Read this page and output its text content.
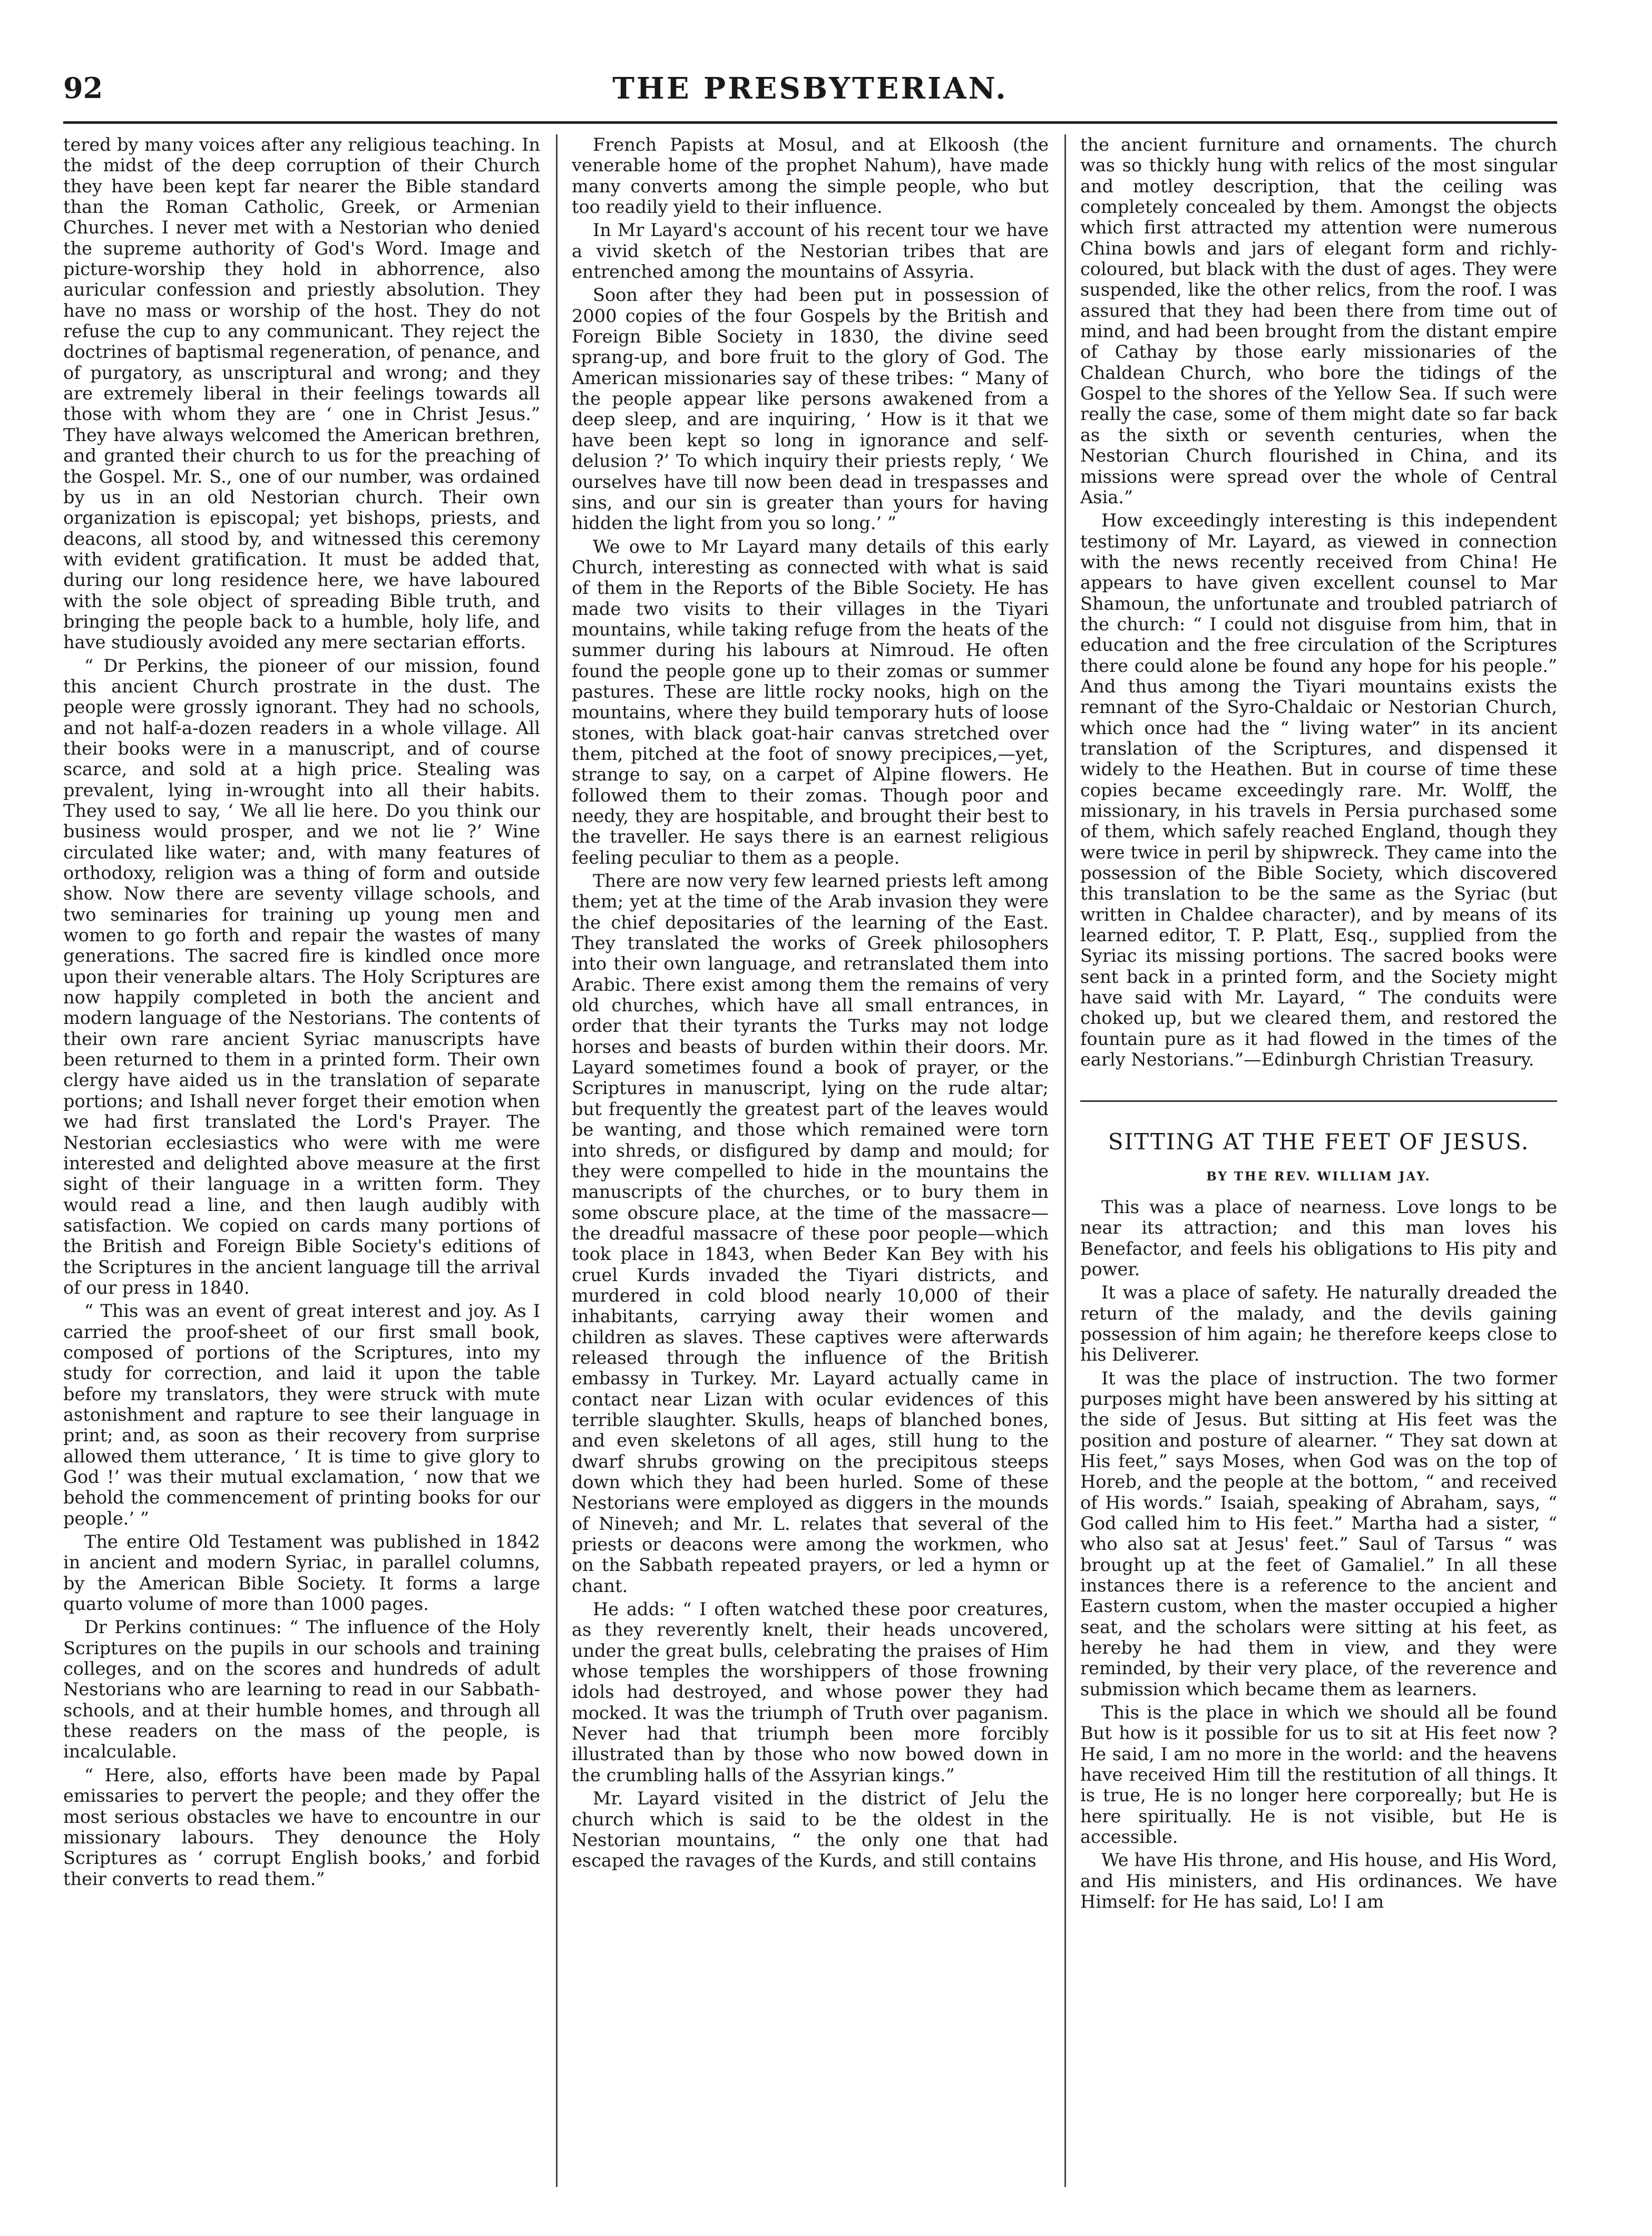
92	THE PRESBYTERIAN.

tered by many voices after any religious teaching. In the midst of the deep corruption of their Church they have been kept far nearer the Bible standard than the Roman Catholic, Greek, or Armenian Churches. I never met with a Nestorian who denied the supreme authority of God's Word. Image and picture-worship they hold in abhorrence, also auricular confession and priestly absolution. They have no mass or worship of the host. They do not refuse the cup to any communicant. They reject the doctrines of baptismal regeneration, of penance, and of purgatory, as unscriptural and wrong; and they are extremely liberal in their feelings towards all those with whom they are ‘ one in Christ Jesus.” They have always welcomed the American brethren, and granted their church to us for the preaching of the Gospel. Mr. S., one of our number, was ordained by us in an old Nestorian church. Their own organization is episcopal; yet bishops, priests, and deacons, all stood by, and witnessed this ceremony with evident gratification. It must be added that, during our long residence here, we have laboured with the sole object of spreading Bible truth, and bringing the people back to a humble, holy life, and have studiously avoided any mere sectarian efforts.

“ Dr Perkins, the pioneer of our mission, found this ancient Church prostrate in the dust. The people were grossly ignorant. They had no schools, and not half-a-dozen readers in a whole village. All their books were in a manuscript, and of course scarce, and sold at a high price. Stealing was prevalent, lying in-wrought into all their habits. They used to say, ‘ We all lie here. Do you think our business would prosper, and we not lie ?’ Wine circulated like water; and, with many features of orthodoxy, religion was a thing of form and outside show. Now there are seventy village schools, and two seminaries for training up young men and women to go forth and repair the wastes of many generations. The sacred fire is kindled once more upon their venerable altars. The Holy Scriptures are now happily completed in both the ancient and modern language of the Nestorians. The contents of their own rare ancient Syriac manuscripts have been returned to them in a printed form. Their own clergy have aided us in the translation of separate portions; and Ishall never forget their emotion when we had first translated the Lord's Prayer. The Nestorian ecclesiastics who were with me were interested and delighted above measure at the first sight of their language in a written form. They would read a line, and then laugh audibly with satisfaction. We copied on cards many portions of the British and Foreign Bible Society's editions of the Scriptures in the ancient language till the arrival of our press in 1840.

“ This was an event of great interest and joy. As I carried the proof-sheet of our first small book, composed of portions of the Scriptures, into my study for correction, and laid it upon the table before my translators, they were struck with mute astonishment and rapture to see their language in print; and, as soon as their recovery from surprise allowed them utterance, ‘ It is time to give glory to God !’ was their mutual exclamation, ‘ now that we behold the commencement of printing books for our people.’ ”

The entire Old Testament was published in 1842 in ancient and modern Syriac, in parallel columns, by the American Bible Society. It forms a large quarto volume of more than 1000 pages.

Dr Perkins continues: “ The influence of the Holy Scriptures on the pupils in our schools and training colleges, and on the scores and hundreds of adult Nestorians who are learning to read in our Sabbath-schools, and at their humble homes, and through all these readers on the mass of the people, is incalculable.

“ Here, also, efforts have been made by Papal emissaries to pervert the people; and they offer the most serious obstacles we have to encountre in our missionary labours. They denounce the Holy Scriptures as ‘ corrupt English books,’ and forbid their converts to read them.”

French Papists at Mosul, and at Elkoosh (the venerable home of the prophet Nahum), have made many converts among the simple people, who but too readily yield to their influence.

In Mr Layard's account of his recent tour we have a vivid sketch of the Nestorian tribes that are entrenched among the mountains of Assyria.

Soon after they had been put in possession of 2000 copies of the four Gospels by the British and Foreign Bible Society in 1830, the divine seed sprang-up, and bore fruit to the glory of God. The American missionaries say of these tribes: “ Many of the people appear like persons awakened from a deep sleep, and are inquiring, ‘ How is it that we have been kept so long in ignorance and self-delusion ?’ To which inquiry their priests reply, ‘ We ourselves have till now been dead in trespasses and sins, and our sin is greater than yours for having hidden the light from you so long.’ ”

We owe to Mr Layard many details of this early Church, interesting as connected with what is said of them in the Reports of the Bible Society. He has made two visits to their villages in the Tiyari mountains, while taking refuge from the heats of the summer during his labours at Nimroud. He often found the people gone up to their zomas or summer pastures. These are little rocky nooks, high on the mountains, where they build temporary huts of loose stones, with black goat-hair canvas stretched over them, pitched at the foot of snowy precipices,—yet, strange to say, on a carpet of Alpine flowers. He followed them to their zomas. Though poor and needy, they are hospitable, and brought their best to the traveller. He says there is an earnest religious feeling peculiar to them as a people.

There are now very few learned priests left among them; yet at the time of the Arab invasion they were the chief depositaries of the learning of the East. They translated the works of Greek philosophers into their own language, and retranslated them into Arabic. There exist among them the remains of very old churches, which have all small entrances, in order that their tyrants the Turks may not lodge horses and beasts of burden within their doors. Mr. Layard sometimes found a book of prayer, or the Scriptures in manuscript, lying on the rude altar; but frequently the greatest part of the leaves would be wanting, and those which remained were torn into shreds, or disfigured by damp and mould; for they were compelled to hide in the mountains the manuscripts of the churches, or to bury them in some obscure place, at the time of the massacre—the dreadful massacre of these poor people—which took place in 1843, when Beder Kan Bey with his cruel Kurds invaded the Tiyari districts, and murdered in cold blood nearly 10,000 of their inhabitants, carrying away their women and children as slaves. These captives were afterwards released through the influence of the British embassy in Turkey. Mr. Layard actually came in contact near Lizan with ocular evidences of this terrible slaughter. Skulls, heaps of blanched bones, and even skeletons of all ages, still hung to the dwarf shrubs growing on the precipitous steeps down which they had been hurled. Some of these Nestorians were employed as diggers in the mounds of Nineveh; and Mr. L. relates that several of the priests or deacons were among the workmen, who on the Sabbath repeated prayers, or led a hymn or chant.

He adds: “ I often watched these poor creatures, as they reverently knelt, their heads uncovered, under the great bulls, celebrating the praises of Him whose temples the worshippers of those frowning idols had destroyed, and whose power they had mocked. It was the triumph of Truth over paganism. Never had that triumph been more forcibly illustrated than by those who now bowed down in the crumbling halls of the Assyrian kings.”

Mr. Layard visited in the district of Jelu the church which is said to be the oldest in the Nestorian mountains, “ the only one that had escaped the ravages of the Kurds, and still contains

the ancient furniture and ornaments. The church was so thickly hung with relics of the most singular and motley description, that the ceiling was completely concealed by them. Amongst the objects which first attracted my attention were numerous China bowls and jars of elegant form and richly-coloured, but black with the dust of ages. They were suspended, like the other relics, from the roof. I was assured that they had been there from time out of mind, and had been brought from the distant empire of Cathay by those early missionaries of the Chaldean Church, who bore the tidings of the Gospel to the shores of the Yellow Sea. If such were really the case, some of them might date so far back as the sixth or seventh centuries, when the Nestorian Church flourished in China, and its missions were spread over the whole of Central Asia.”

How exceedingly interesting is this independent testimony of Mr. Layard, as viewed in connection with the news recently received from China! He appears to have given excellent counsel to Mar Shamoun, the unfortunate and troubled patriarch of the church: “ I could not disguise from him, that in education and the free circulation of the Scriptures there could alone be found any hope for his people.” And thus among the Tiyari mountains exists the remnant of the Syro-Chaldaic or Nestorian Church, which once had the “ living water” in its ancient translation of the Scriptures, and dispensed it widely to the Heathen. But in course of time these copies became exceedingly rare. Mr. Wolff, the missionary, in his travels in Persia purchased some of them, which safely reached England, though they were twice in peril by shipwreck. They came into the possession of the Bible Society, which discovered this translation to be the same as the Syriac (but written in Chaldee character), and by means of its learned editor, T. P. Platt, Esq., supplied from the Syriac its missing portions. The sacred books were sent back in a printed form, and the Society might have said with Mr. Layard, “ The conduits were choked up, but we cleared them, and restored the fountain pure as it had flowed in the times of the early Nestorians.”—Edinburgh Christian Treasury.

SITTING AT THE FEET OF JESUS.
BY THE REV. WILLIAM JAY.

This was a place of nearness. Love longs to be near its attraction; and this man loves his Benefactor, and feels his obligations to His pity and power.

It was a place of safety. He naturally dreaded the return of the malady, and the devils gaining possession of him again; he therefore keeps close to his Deliverer.

It was the place of instruction. The two former purposes might have been answered by his sitting at the side of Jesus. But sitting at His feet was the position and posture of alearner. “ They sat down at His feet,” says Moses, when God was on the top of Horeb, and the people at the bottom, “ and received of His words.” Isaiah, speaking of Abraham, says, “ God called him to His feet.” Martha had a sister, “ who also sat at Jesus' feet.” Saul of Tarsus “ was brought up at the feet of Gamaliel.” In all these instances there is a reference to the ancient and Eastern custom, when the master occupied a higher seat, and the scholars were sitting at his feet, as hereby he had them in view, and they were reminded, by their very place, of the reverence and submission which became them as learners.

This is the place in which we should all be found But how is it possible for us to sit at His feet now ? He said, I am no more in the world: and the heavens have received Him till the restitution of all things. It is true, He is no longer here corporeally; but He is here spiritually. He is not visible, but He is accessible.

We have His throne, and His house, and His Word, and His ministers, and His ordinances. We have Himself: for He has said, Lo! I am
